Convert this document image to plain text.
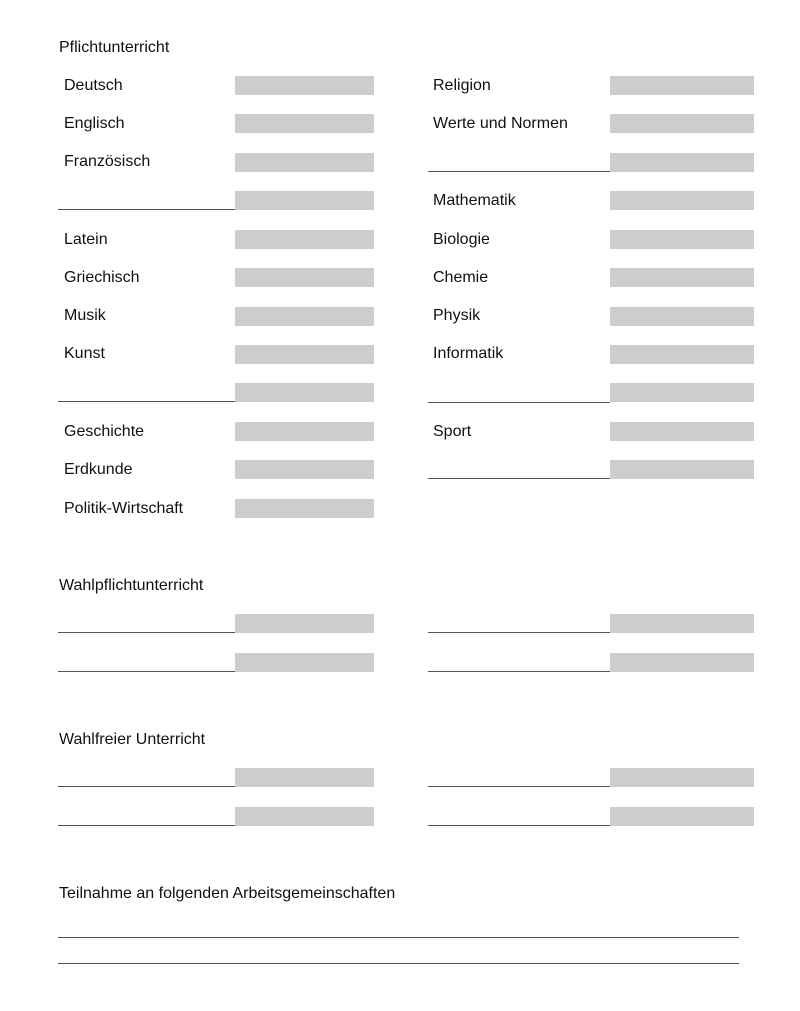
Pflichtunterricht
Deutsch
Englisch
Französisch
Latein
Griechisch
Musik
Kunst
Geschichte
Erdkunde
Politik-Wirtschaft
Religion
Werte und Normen
Mathematik
Biologie
Chemie
Physik
Informatik
Sport
Wahlpflichtunterricht
Wahlfreier Unterricht
Teilnahme an folgenden Arbeitsgemeinschaften
